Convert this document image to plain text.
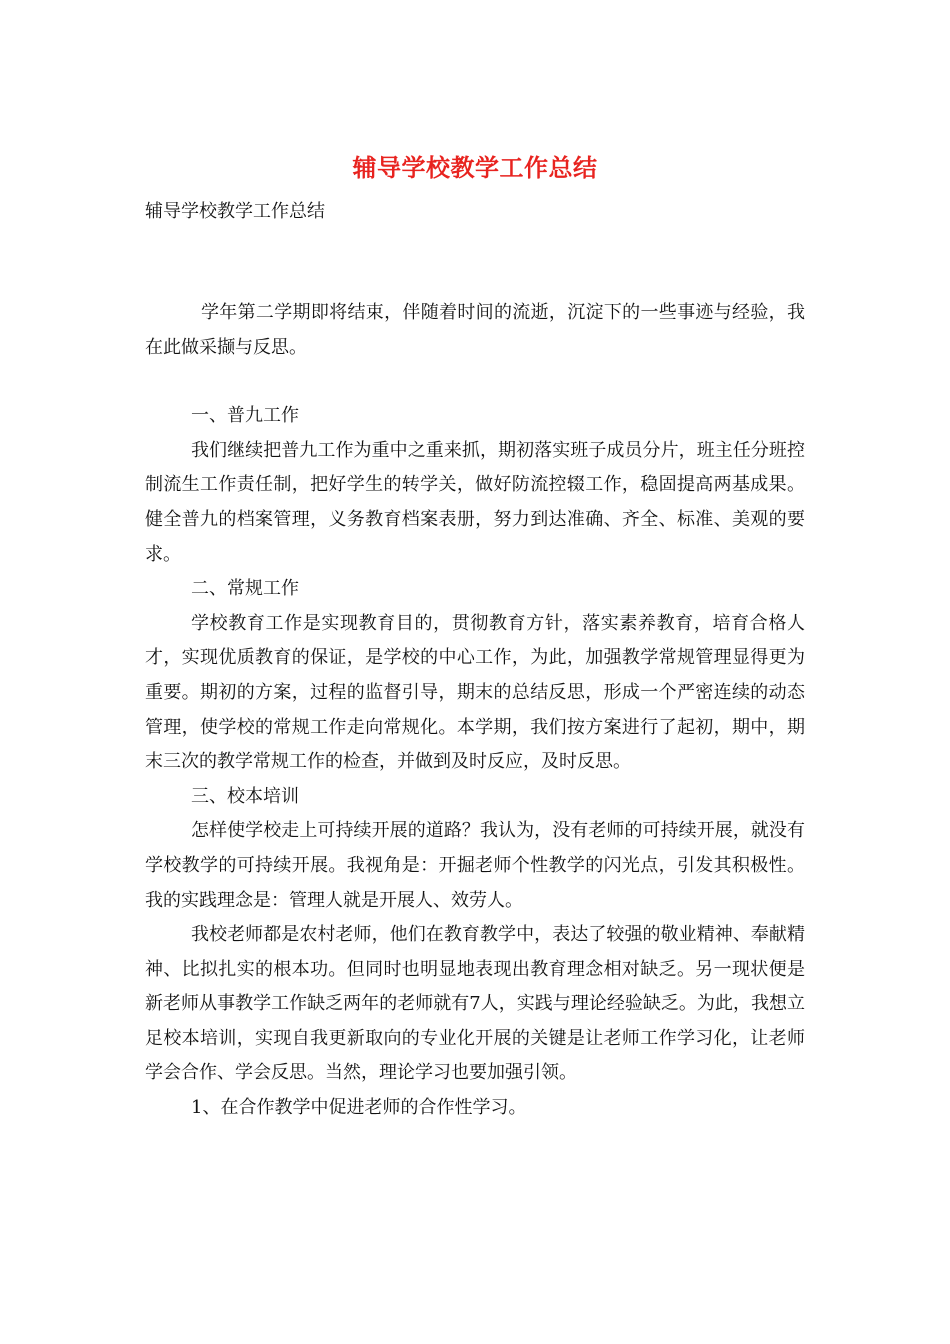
辅导学校教学工作总结
辅导学校教学工作总结

学年第二学期即将结束，伴随着时间的流逝，沉淀下的一些事迹与经验，我在此做采撷与反思。

一、普九工作

我们继续把普九工作为重中之重来抓，期初落实班子成员分片，班主任分班控制流生工作责任制，把好学生的转学关，做好防流控辍工作，稳固提高两基成果。健全普九的档案管理，义务教育档案表册，努力到达准确、齐全、标准、美观的要求。

二、常规工作

学校教育工作是实现教育目的，贯彻教育方针，落实素养教育，培育合格人才，实现优质教育的保证，是学校的中心工作，为此，加强教学常规管理显得更为重要。期初的方案，过程的监督引导，期末的总结反思，形成一个严密连续的动态管理，使学校的常规工作走向常规化。本学期，我们按方案进行了起初，期中，期末三次的教学常规工作的检查，并做到及时反应，及时反思。

三、校本培训

怎样使学校走上可持续开展的道路？我认为，没有老师的可持续开展，就没有学校教学的可持续开展。我视角是：开掘老师个性教学的闪光点，引发其积极性。我的实践理念是：管理人就是开展人、效劳人。

我校老师都是农村老师，他们在教育教学中，表达了较强的敬业精神、奉献精神、比拟扎实的根本功。但同时也明显地表现出教育理念相对缺乏。另一现状便是新老师从事教学工作缺乏两年的老师就有7人，实践与理论经验缺乏。为此，我想立足校本培训，实现自我更新取向的专业化开展的关键是让老师工作学习化，让老师学会合作、学会反思。当然，理论学习也要加强引领。

1、在合作教学中促进老师的合作性学习。
